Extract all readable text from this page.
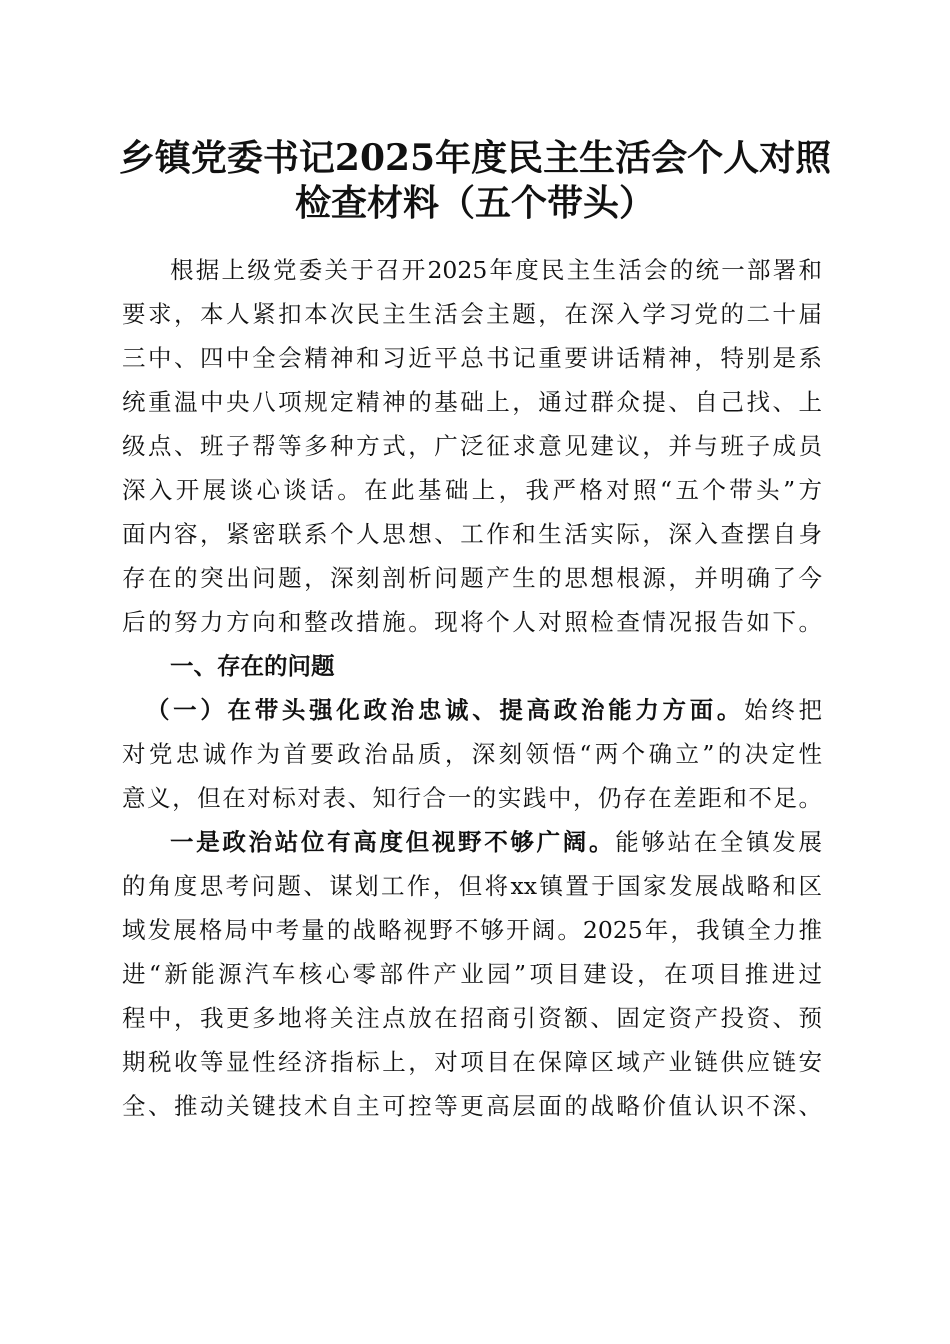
乡镇党委书记2025年度民主生活会个人对照
检查材料（五个带头）
根据上级党委关于召开2025年度民主生活会的统一部署和
要求，本人紧扣本次民主生活会主题，在深入学习党的二十届
三中、四中全会精神和习近平总书记重要讲话精神，特别是系
统重温中央八项规定精神的基础上，通过群众提、自己找、上
级点、班子帮等多种方式，广泛征求意见建议，并与班子成员
深入开展谈心谈话。在此基础上，我严格对照“五个带头”方
面内容，紧密联系个人思想、工作和生活实际，深入查摆自身
存在的突出问题，深刻剖析问题产生的思想根源，并明确了今
后的努力方向和整改措施。现将个人对照检查情况报告如下。
一、存在的问题
（一）在带头强化政治忠诚、提高政治能力方面。始终把
对党忠诚作为首要政治品质，深刻领悟“两个确立”的决定性
意义，但在对标对表、知行合一的实践中，仍存在差距和不足。
一是政治站位有高度但视野不够广阔。能够站在全镇发展
的角度思考问题、谋划工作，但将xx镇置于国家发展战略和区
域发展格局中考量的战略视野不够开阔。2025年，我镇全力推
进“新能源汽车核心零部件产业园”项目建设，在项目推进过
程中，我更多地将关注点放在招商引资额、固定资产投资、预
期税收等显性经济指标上，对项目在保障区域产业链供应链安
全、推动关键技术自主可控等更高层面的战略价值认识不深、
